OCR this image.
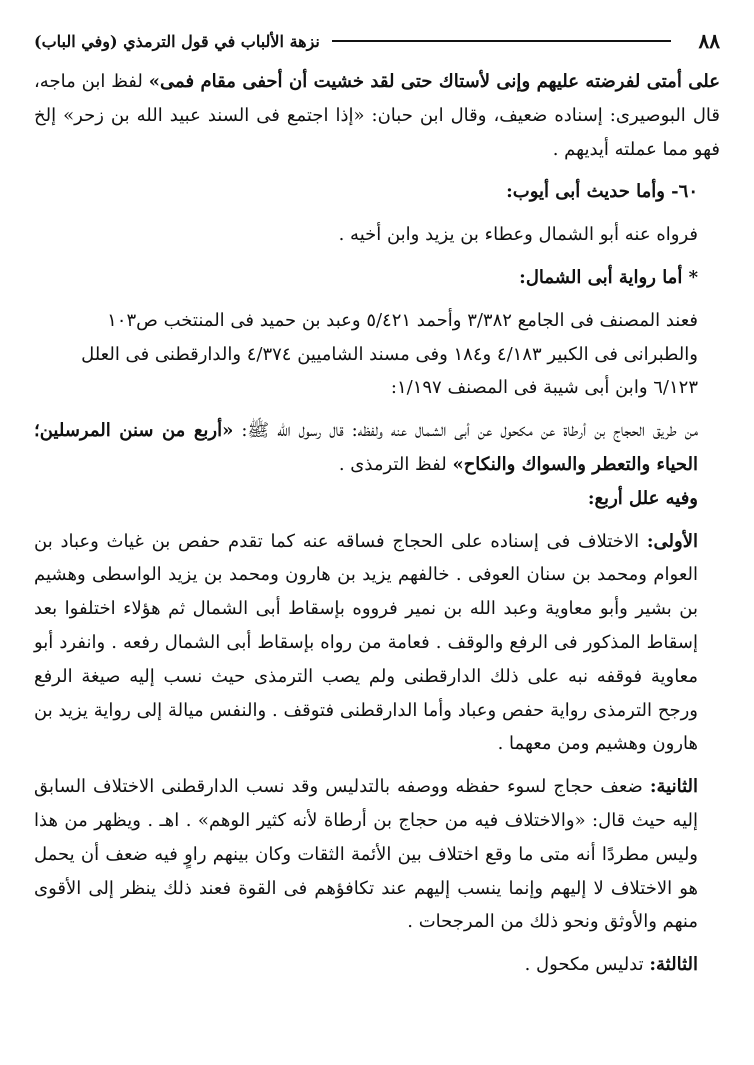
٨٨
نزهة الألباب في قول الترمذي (وفي الباب)

على أمتى لفرضته عليهم وإنى لأستاك حتى لقد خشيت أن أحفى مقام فمى» لفظ ابن ماجه، قال البوصيرى: إسناده ضعيف، وقال ابن حبان: «إذا اجتمع فى السند عبيد الله بن زحر» إلخ فهو مما عملته أيديهم .

٦٠- وأما حديث أبى أيوب:

فرواه عنه أبو الشمال وعطاء بن يزيد وابن أخيه .

* أما رواية أبى الشمال:

فعند المصنف فى الجامع ٣/٣٨٢ وأحمد ٥/٤٢١ وعبد بن حميد فى المنتخب ص١٠٣ والطبرانى فى الكبير ٤/١٨٣ و١٨٤ وفى مسند الشاميين ٤/٣٧٤ والدارقطنى فى العلل ٦/١٢٣ وابن أبى شيبة فى المصنف ١/١٩٧:

من طريق الحجاج بن أرطاة عن مكحول عن أبى الشمال عنه ولفظه: قال رسول الله ﷺ: «أربع من سنن المرسلين؛ الحياء والتعطر والسواك والنكاح» لفظ الترمذى .

وفيه علل أربع:

الأولى: الاختلاف فى إسناده على الحجاج فساقه عنه كما تقدم حفص بن غياث وعباد بن العوام ومحمد بن سنان العوفى . خالفهم يزيد بن هارون ومحمد بن يزيد الواسطى وهشيم بن بشير وأبو معاوية وعبد الله بن نمير فرووه بإسقاط أبى الشمال ثم هؤلاء اختلفوا بعد إسقاط المذكور فى الرفع والوقف . فعامة من رواه بإسقاط أبى الشمال رفعه . وانفرد أبو معاوية فوقفه نبه على ذلك الدارقطنى ولم يصب الترمذى حيث نسب إليه صيغة الرفع ورجح الترمذى رواية حفص وعباد وأما الدارقطنى فتوقف . والنفس ميالة إلى رواية يزيد بن هارون وهشيم ومن معهما .

الثانية: ضعف حجاج لسوء حفظه ووصفه بالتدليس وقد نسب الدارقطنى الاختلاف السابق إليه حيث قال: «والاختلاف فيه من حجاج بن أرطاة لأنه كثير الوهم» . اهـ . ويظهر من هذا وليس مطردًا أنه متى ما وقع اختلاف بين الأئمة الثقات وكان بينهم راوٍ فيه ضعف أن يحمل هو الاختلاف لا إليهم وإنما ينسب إليهم عند تكافؤهم فى القوة فعند ذلك ينظر إلى الأقوى منهم والأوثق ونحو ذلك من المرجحات .

الثالثة: تدليس مكحول .
